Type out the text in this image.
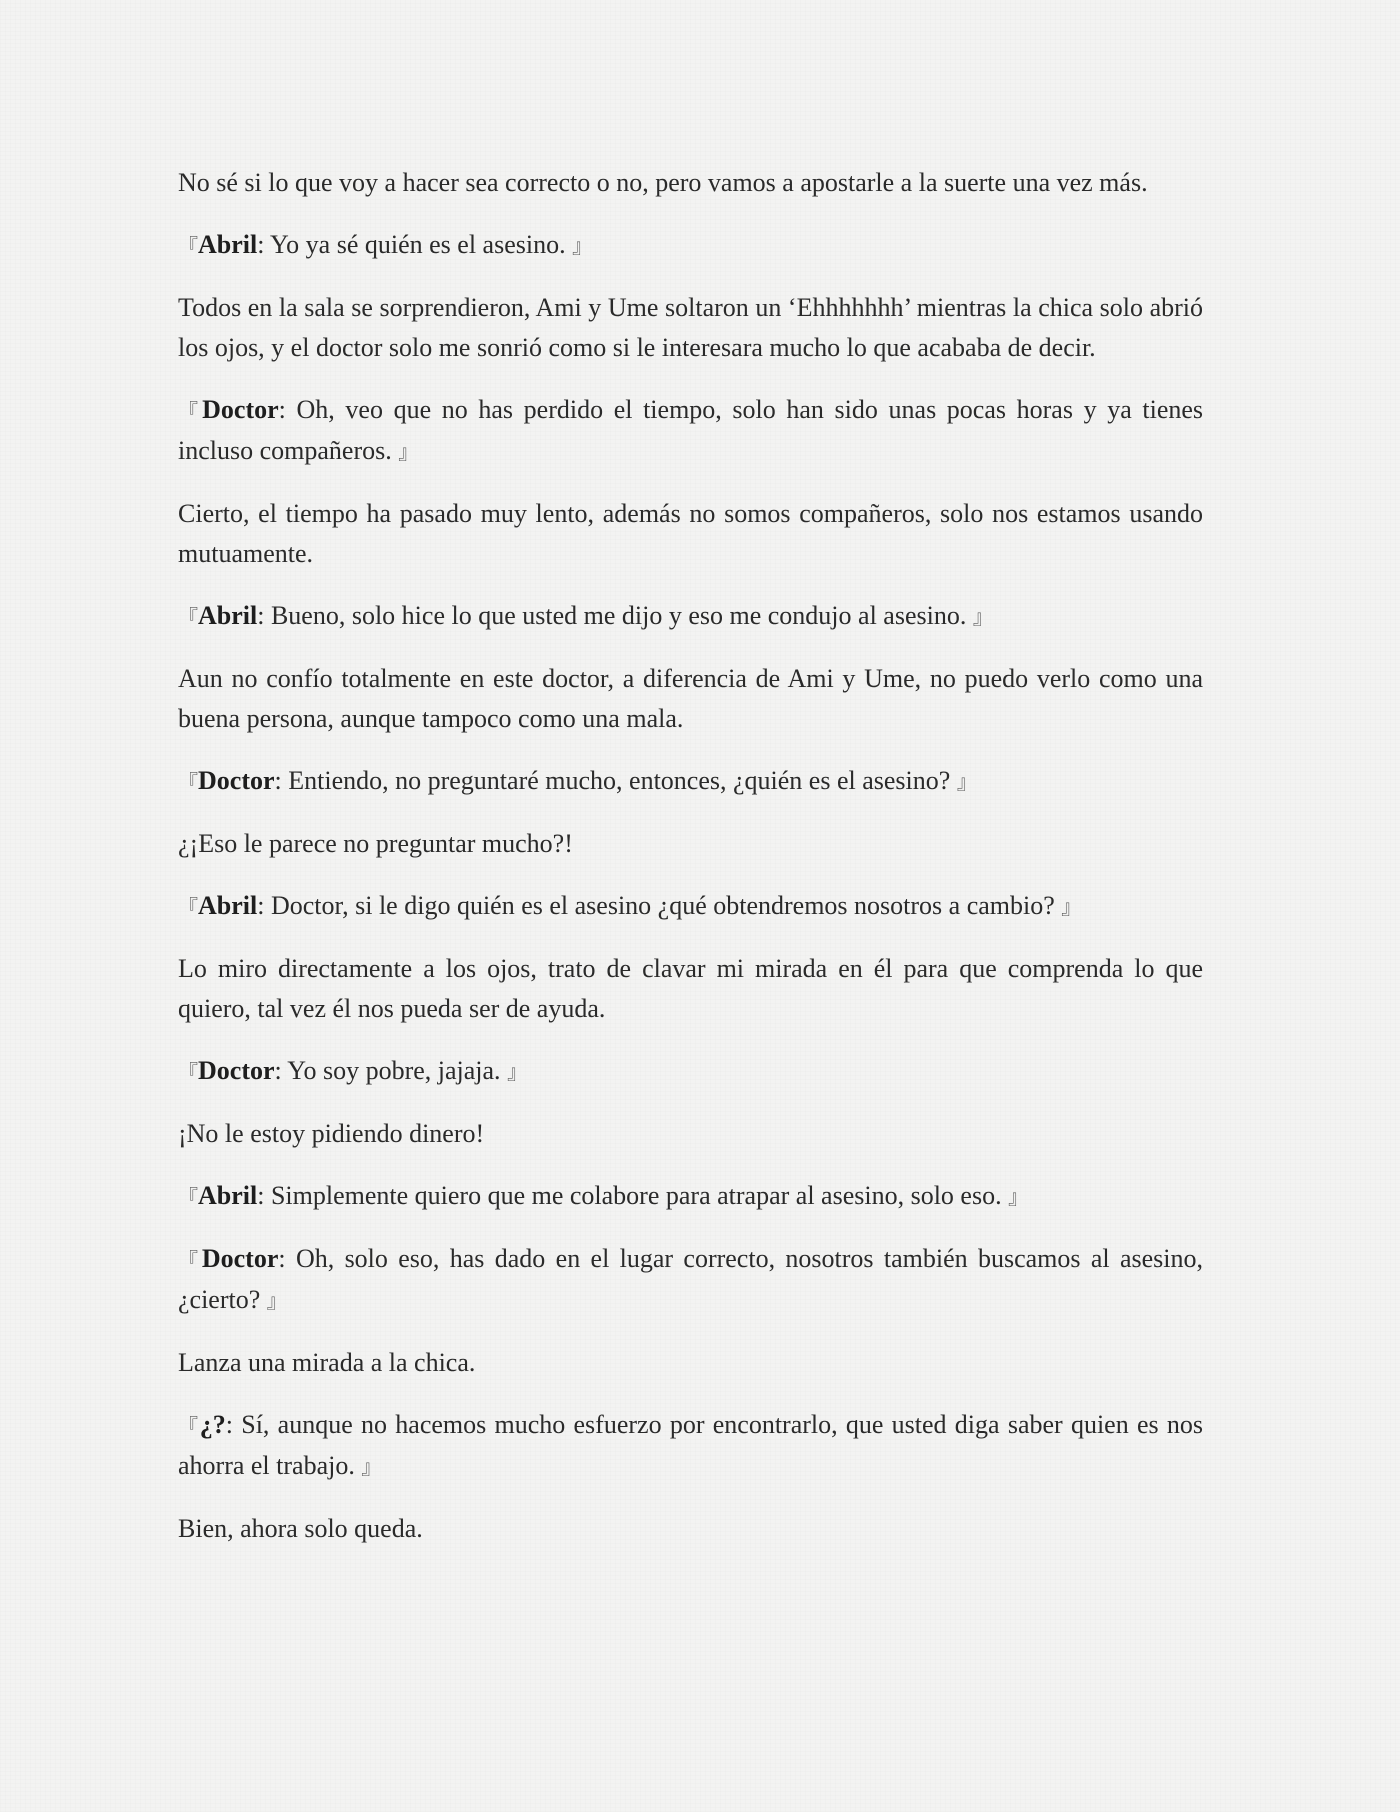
No sé si lo que voy a hacer sea correcto o no, pero vamos a apostarle a la suerte una vez más.

『Abril: Yo ya sé quién es el asesino. 』

Todos en la sala se sorprendieron, Ami y Ume soltaron un ‘Ehhhhhhh’ mientras la chica solo abrió los ojos, y el doctor solo me sonrió como si le interesara mucho lo que acababa de decir.

『Doctor: Oh, veo que no has perdido el tiempo, solo han sido unas pocas horas y ya tienes incluso compañeros. 』

Cierto, el tiempo ha pasado muy lento, además no somos compañeros, solo nos estamos usando mutuamente.

『Abril: Bueno, solo hice lo que usted me dijo y eso me condujo al asesino. 』

Aun no confío totalmente en este doctor, a diferencia de Ami y Ume, no puedo verlo como una buena persona, aunque tampoco como una mala.

『Doctor: Entiendo, no preguntaré mucho, entonces, ¿quién es el asesino? 』

¿¡Eso le parece no preguntar mucho?!

『Abril: Doctor, si le digo quién es el asesino ¿qué obtendremos nosotros a cambio? 』

Lo miro directamente a los ojos, trato de clavar mi mirada en él para que comprenda lo que quiero, tal vez él nos pueda ser de ayuda.

『Doctor: Yo soy pobre, jajaja. 』

¡No le estoy pidiendo dinero!

『Abril: Simplemente quiero que me colabore para atrapar al asesino, solo eso. 』

『Doctor: Oh, solo eso, has dado en el lugar correcto, nosotros también buscamos al asesino, ¿cierto? 』

Lanza una mirada a la chica.

『¿?: Sí, aunque no hacemos mucho esfuerzo por encontrarlo, que usted diga saber quien es nos ahorra el trabajo. 』

Bien, ahora solo queda.
